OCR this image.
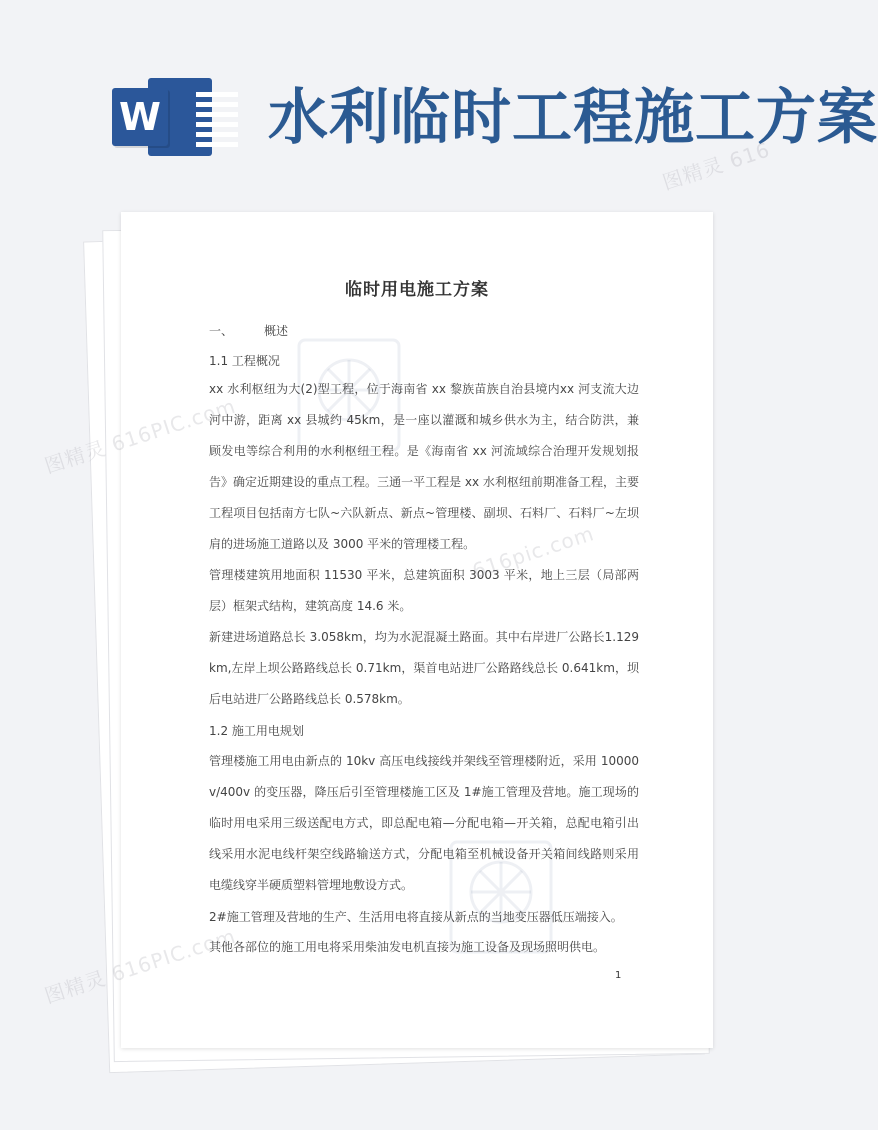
W 水利临时工程施工方案
临时用电施工方案
一、	概述
1.1 工程概况

xx 水利枢纽为大(2)型工程，位于海南省 xx 黎族苗族自治县境内xx 河支流大边河中游，距离 xx 县城约 45km，是一座以灌溉和城乡供水为主，结合防洪，兼顾发电等综合利用的水利枢纽工程。是《海南省 xx 河流域综合治理开发规划报告》确定近期建设的重点工程。三通一平工程是 xx 水利枢纽前期准备工程，主要工程项目包括南方七队~六队新点、新点~管理楼、副坝、石料厂、石料厂~左坝肩的进场施工道路以及 3000 平米的管理楼工程。

管理楼建筑用地面积 11530 平米，总建筑面积 3003 平米，地上三层（局部两层）框架式结构，建筑高度 14.6 米。

新建进场道路总长 3.058km，均为水泥混凝土路面。其中右岸进厂公路长1.129 km,左岸上坝公路路线总长 0.71km，渠首电站进厂公路路线总长 0.641km，坝后电站进厂公路路线总长 0.578km。

1.2 施工用电规划

管理楼施工用电由新点的 10kv 高压电线接线并架线至管理楼附近，采用 10000 v/400v 的变压器，降压后引至管理楼施工区及 1#施工管理及营地。施工现场的临时用电采用三级送配电方式，即总配电箱—分配电箱—开关箱，总配电箱引出线采用水泥电线杆架空线路输送方式，分配电箱至机械设备开关箱间线路则采用电缆线穿半硬质塑料管埋地敷设方式。

2#施工管理及营地的生产、生活用电将直接从新点的当地变压器低压端接入。

其他各部位的施工用电将采用柴油发电机直接为施工设备及现场照明供电。

1
图精灵 616PIC.com
616pic.com
图精灵 616
图精灵 616PIC.com
